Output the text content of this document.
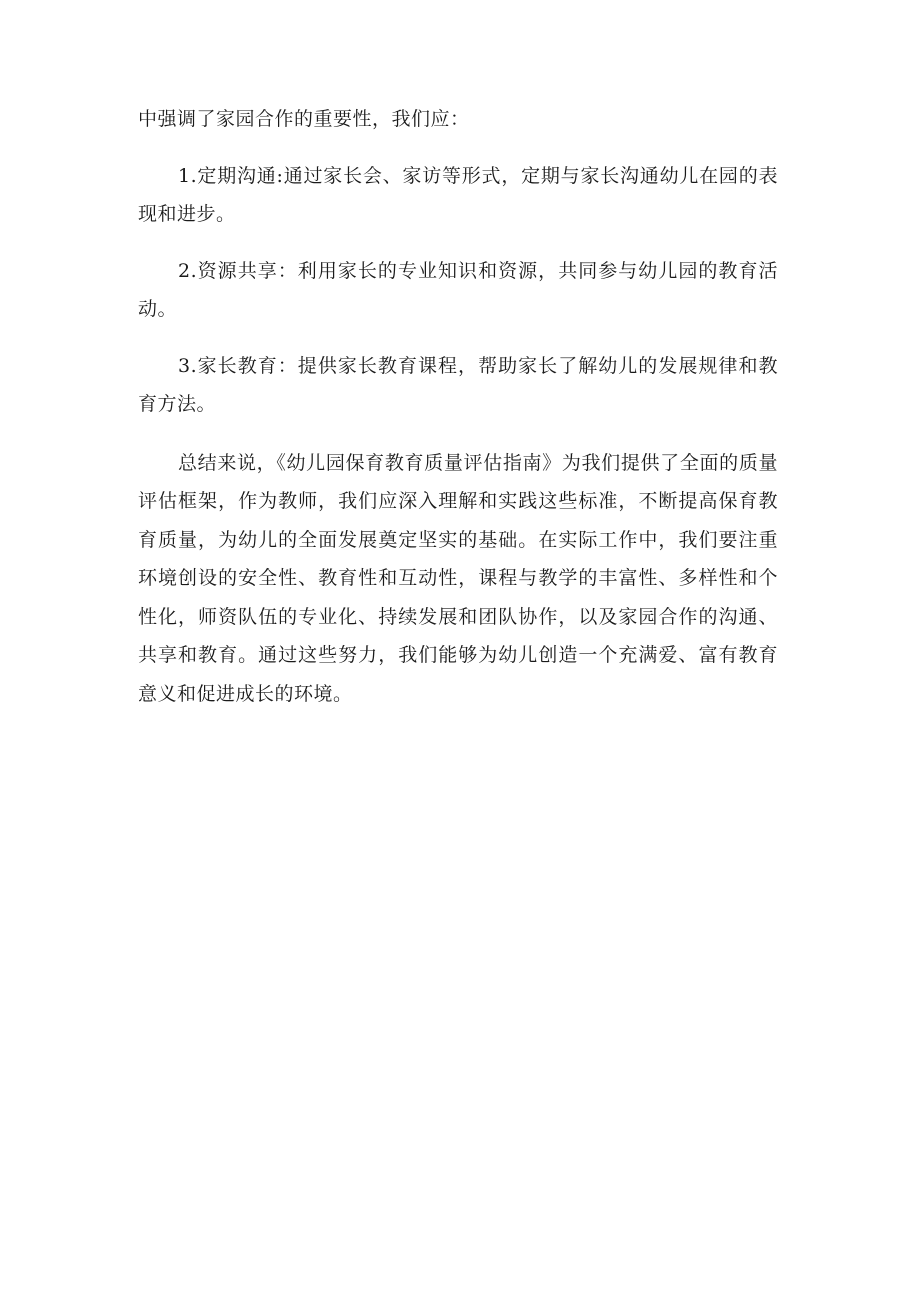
中强调了家园合作的重要性，我们应：

1.定期沟通:通过家长会、家访等形式，定期与家长沟通幼儿在园的表现和进步。

2.资源共享：利用家长的专业知识和资源，共同参与幼儿园的教育活动。

3.家长教育：提供家长教育课程，帮助家长了解幼儿的发展规律和教育方法。

总结来说，《幼儿园保育教育质量评估指南》为我们提供了全面的质量评估框架，作为教师，我们应深入理解和实践这些标准，不断提高保育教育质量，为幼儿的全面发展奠定坚实的基础。在实际工作中，我们要注重环境创设的安全性、教育性和互动性，课程与教学的丰富性、多样性和个性化，师资队伍的专业化、持续发展和团队协作，以及家园合作的沟通、共享和教育。通过这些努力，我们能够为幼儿创造一个充满爱、富有教育意义和促进成长的环境。
